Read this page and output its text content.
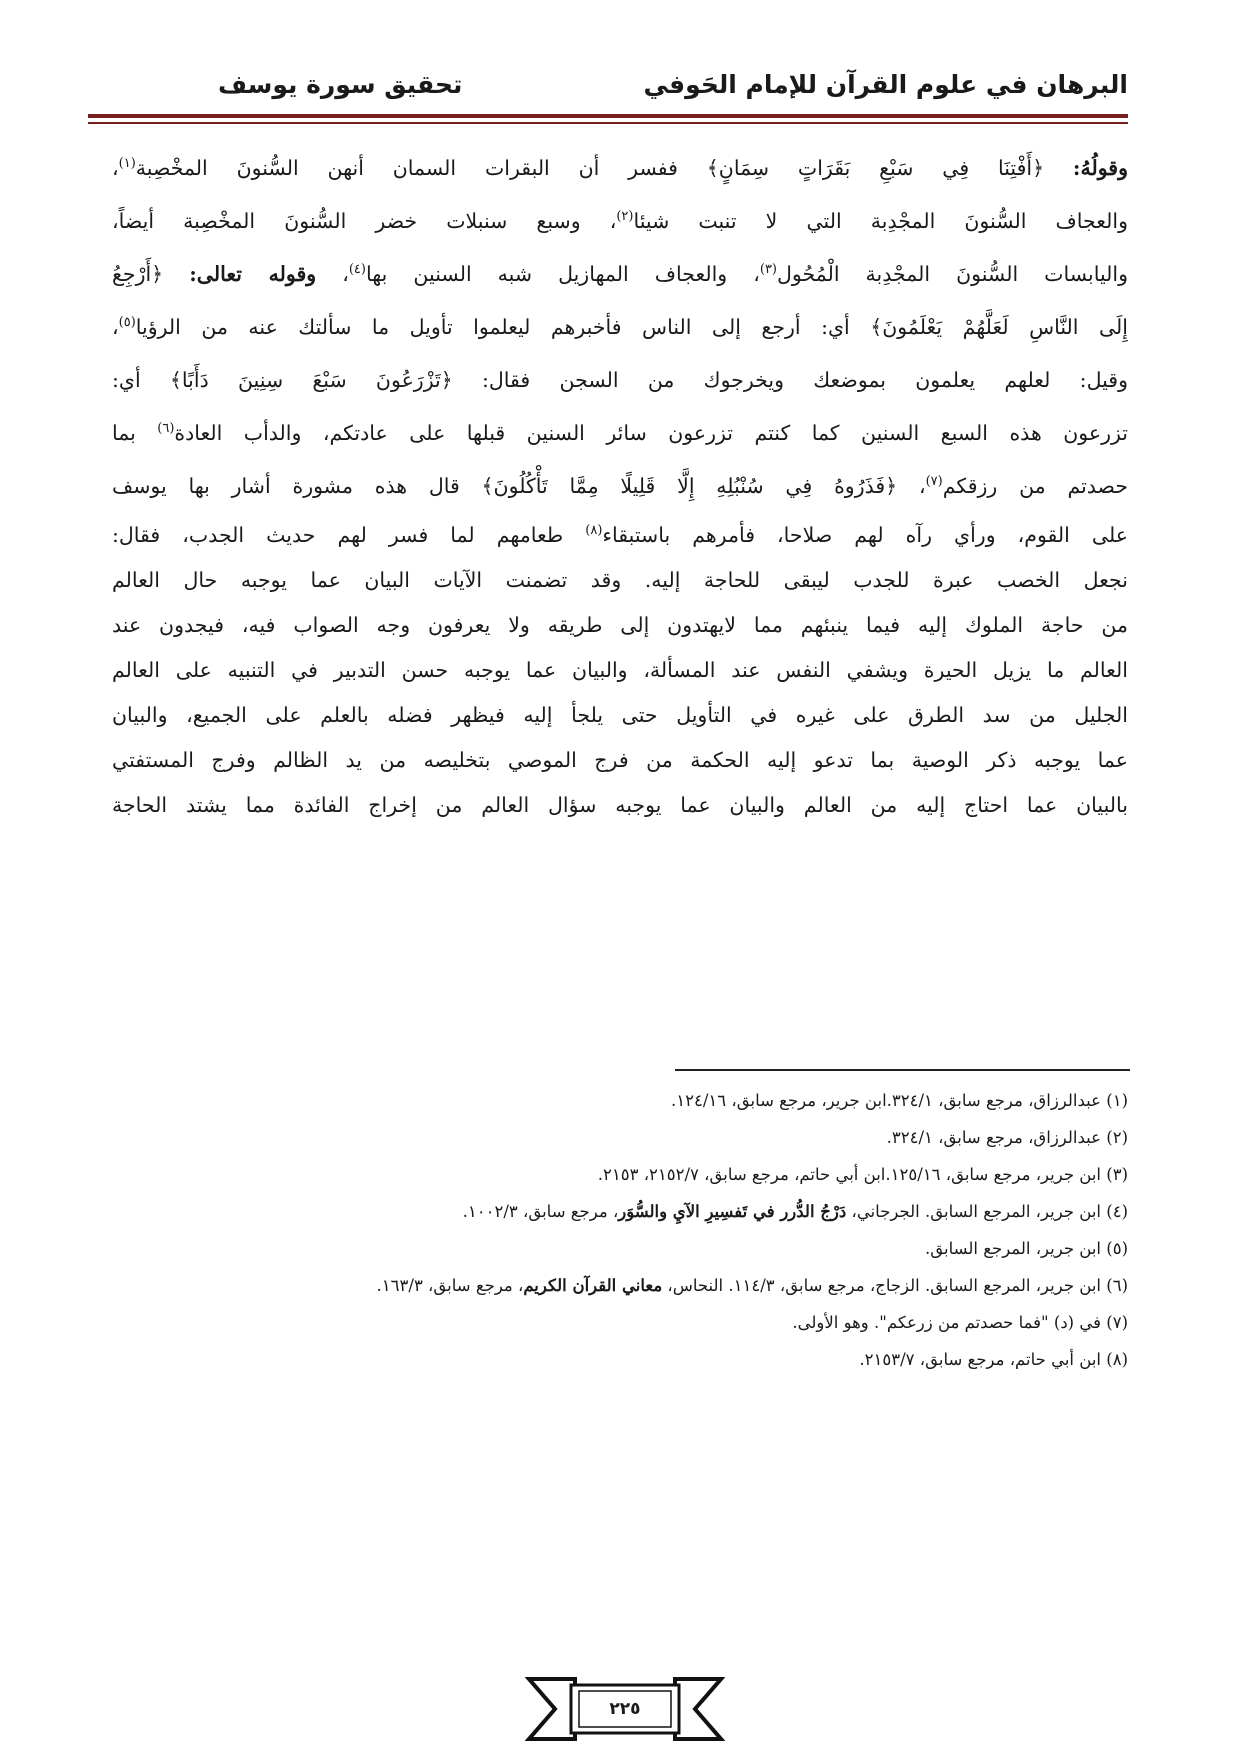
البرهان في علوم القرآن للإمام الحَوفي
تحقيق سورة يوسف
وقولُهُ: ﴿أَفْتِنَا فِي سَبْعِ بَقَرَاتٍ سِمَانٍ﴾ ففسر أن البقرات السمان أنهن السُّنونَ المخْصِبة$^{(١)}$،
والعجاف السُّنونَ المجْدِبة التي لا تنبت شيئا$^{(٢)}$، وسبع سنبلات خضر السُّنونَ المخْصِبة أيضاً،
واليابسات السُّنونَ المجْدِبة الْمُحُول$^{(٣)}$، والعجاف المهازيل شبه السنين بها$^{(٤)}$، وقوله تعالى: ﴿أَرْجِعُ
إِلَى النَّاسِ لَعَلَّهُمْ يَعْلَمُونَ﴾ أي: أرجع إلى الناس فأخبرهم ليعلموا تأويل ما سألتك عنه من الرؤيا$^{(٥)}$،
وقيل: لعلهم يعلمون بموضعك ويخرجوك من السجن فقال: ﴿تَزْرَعُونَ سَبْعَ سِنِينَ دَأَبًا﴾ أي:
تزرعون هذه السبع السنين كما كنتم تزرعون سائر السنين قبلها على عادتكم، والدأب العادة$^{(٦)}$ بما
حصدتم من رزقكم$^{(٧)}$، ﴿فَذَرُوهُ فِي سُنْبُلِهِ إِلَّا قَلِيلًا مِمَّا تَأْكُلُونَ﴾ قال هذه مشورة أشار بها يوسف
على القوم، ورأي رآه لهم صلاحا، فأمرهم باستبقاء$^{(٨)}$ طعامهم لما فسر لهم حديث الجدب، فقال:
نجعل الخصب عبرة للجدب ليبقى للحاجة إليه. وقد تضمنت الآيات البيان عما يوجبه حال العالم
من حاجة الملوك إليه فيما ينبئهم مما لايهتدون إلى طريقه ولا يعرفون وجه الصواب فيه، فيجدون عند
العالم ما يزيل الحيرة ويشفي النفس عند المسألة، والبيان عما يوجبه حسن التدبير في التنبيه على العالم
الجليل من سد الطرق على غيره في التأويل حتى يلجأ إليه فيظهر فضله بالعلم على الجميع، والبيان
عما يوجبه ذكر الوصية بما تدعو إليه الحكمة من فرج الموصي بتخليصه من يد الظالم وفرج المستفتي
بالبيان عما احتاج إليه من العالم والبيان عما يوجبه سؤال العالم من إخراج الفائدة مما يشتد الحاجة
(١) عبدالرزاق، مرجع سابق، ٣٢٤/١.ابن جرير، مرجع سابق، ١٢٤/١٦.
(٢) عبدالرزاق، مرجع سابق، ٣٢٤/١.
(٣) ابن جرير، مرجع سابق، ١٢٥/١٦.ابن أبي حاتم، مرجع سابق، ٢١٥٢/٧، ٢١٥٣.
(٤) ابن جرير، المرجع السابق. الجرجاني، دَرْجُ الدُّرر في تَفسِيرِ الآيِ والسُّوَر، مرجع سابق، ١٠٠٢/٣.
(٥) ابن جرير، المرجع السابق.
(٦) ابن جرير، المرجع السابق. الزجاج، مرجع سابق، ١١٤/٣. النحاس، معاني القرآن الكريم، مرجع سابق، ١٦٣/٣.
(٧) في (د) "فما حصدتم من زرعكم". وهو الأولى.
(٨) ابن أبي حاتم، مرجع سابق، ٢١٥٣/٧.
٢٢٥
